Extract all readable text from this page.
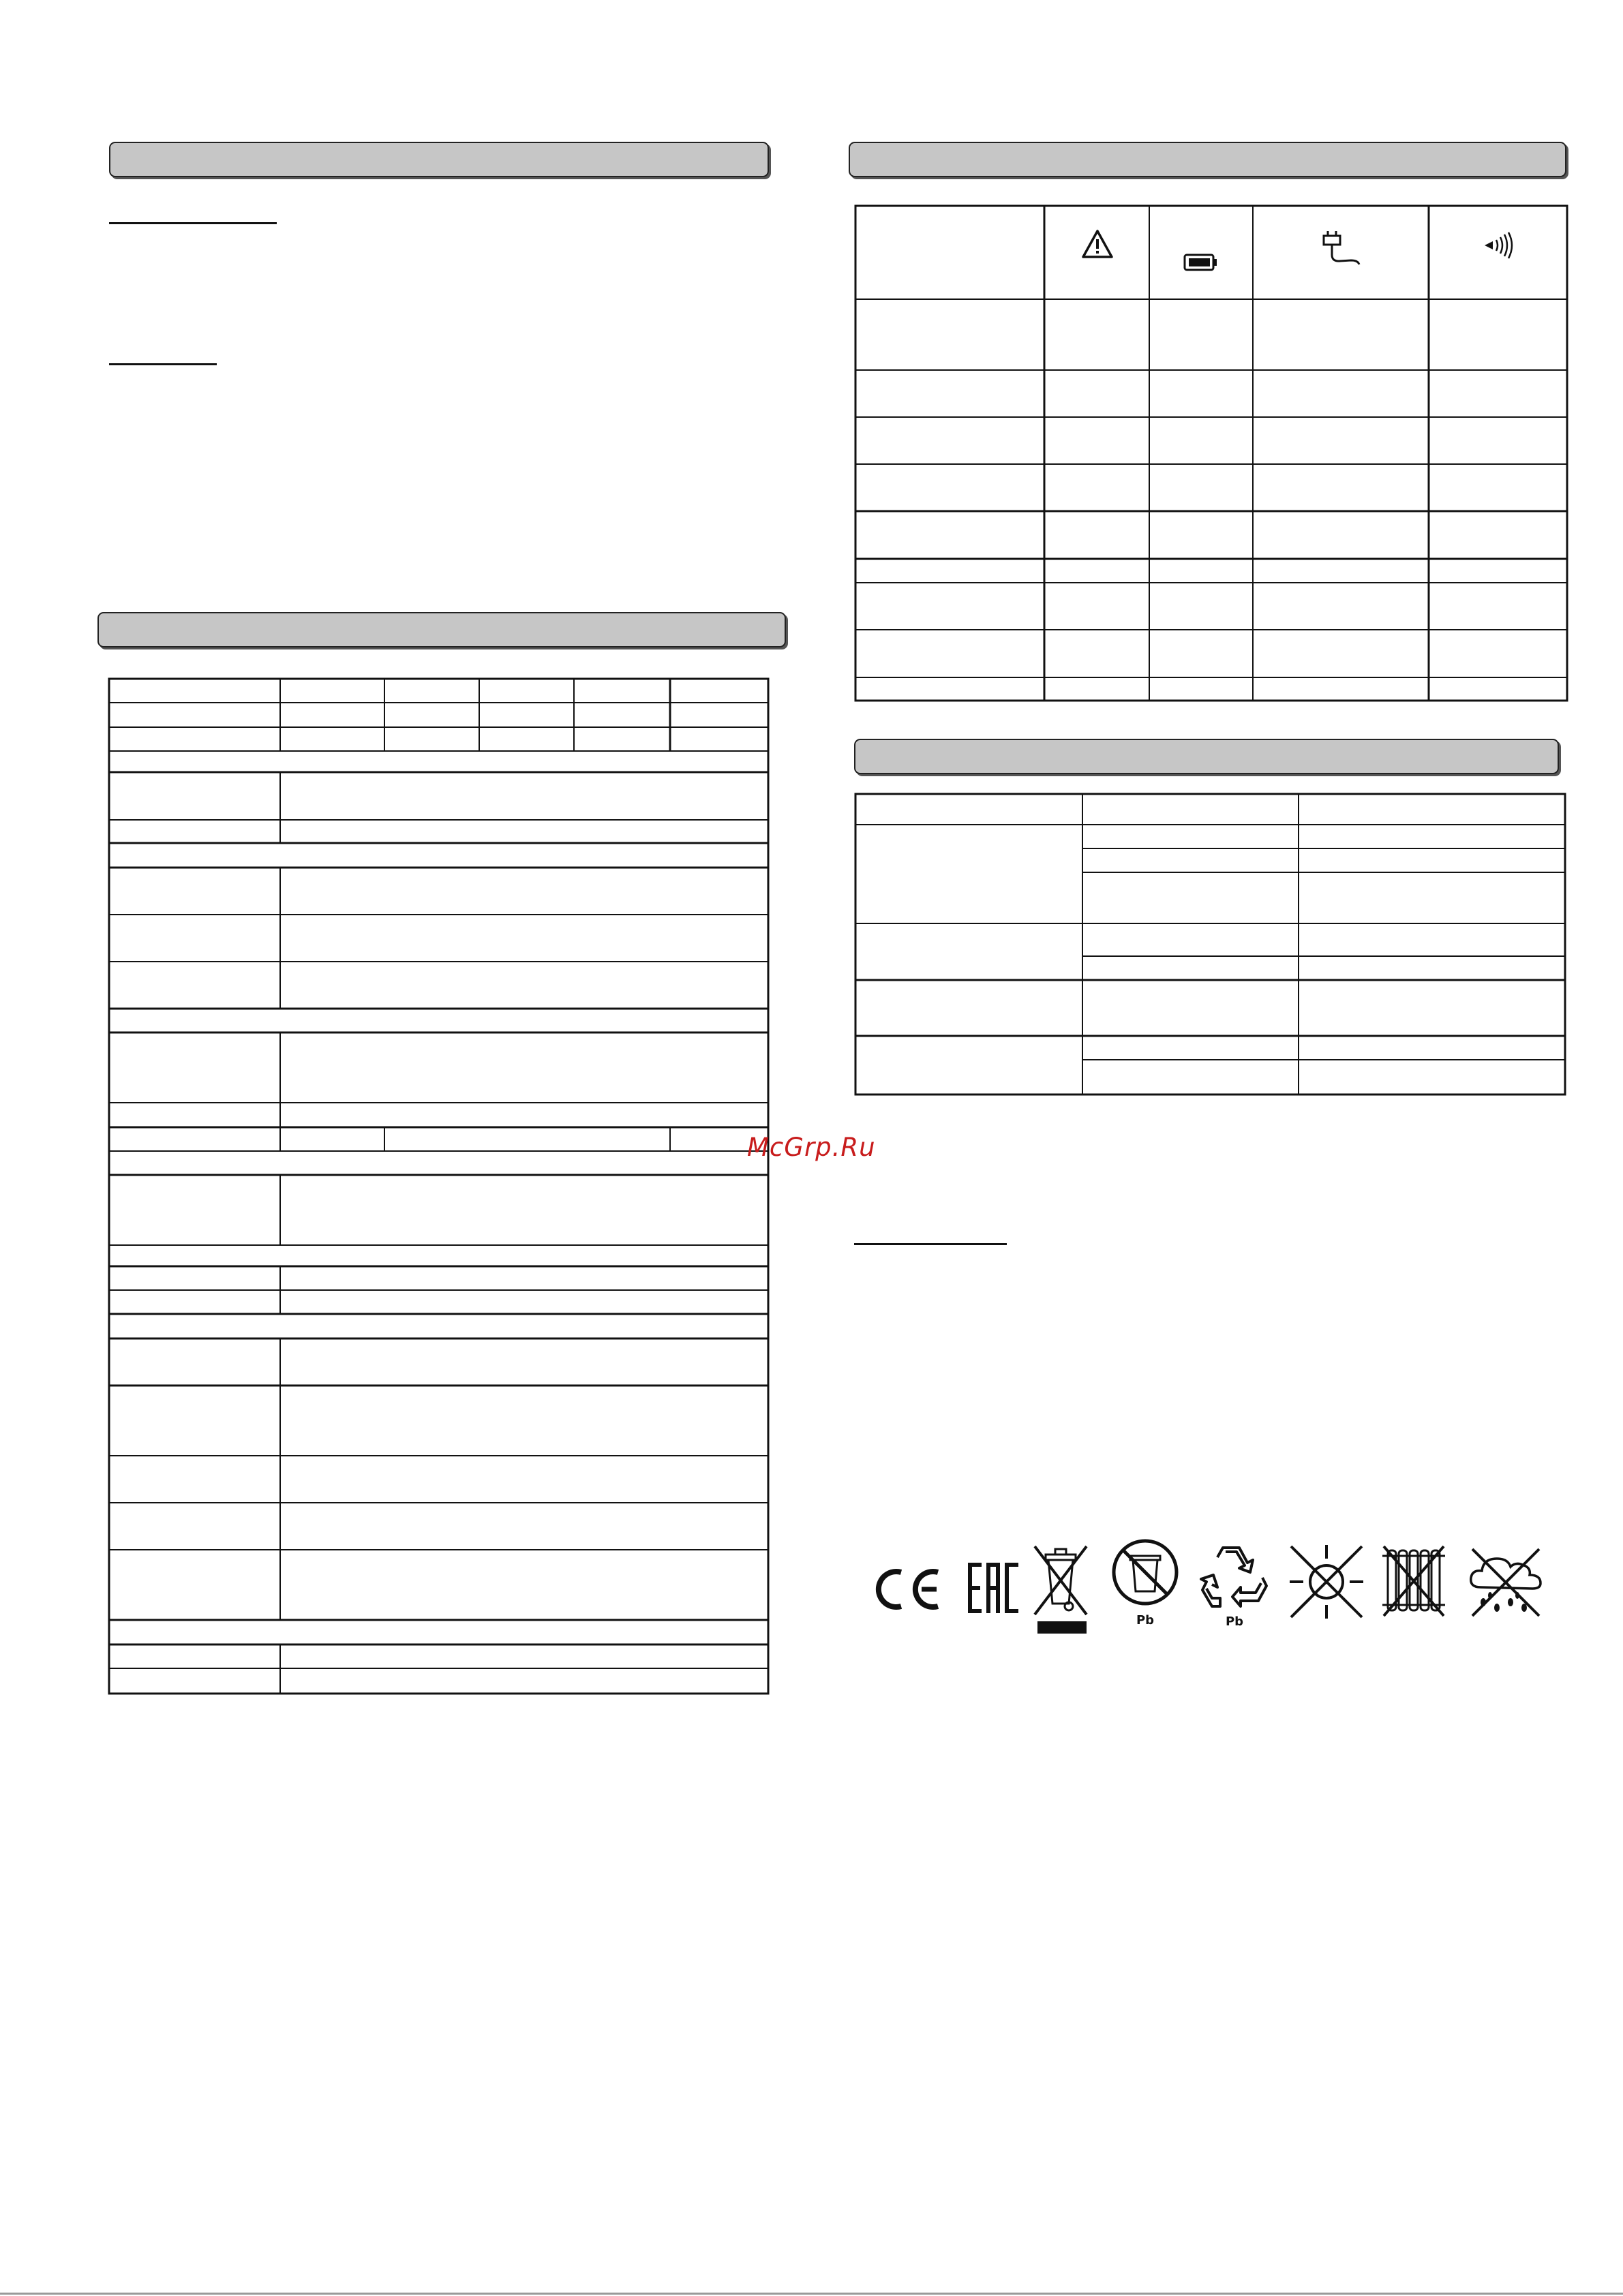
McGrp.Ru
Pb	Pb
